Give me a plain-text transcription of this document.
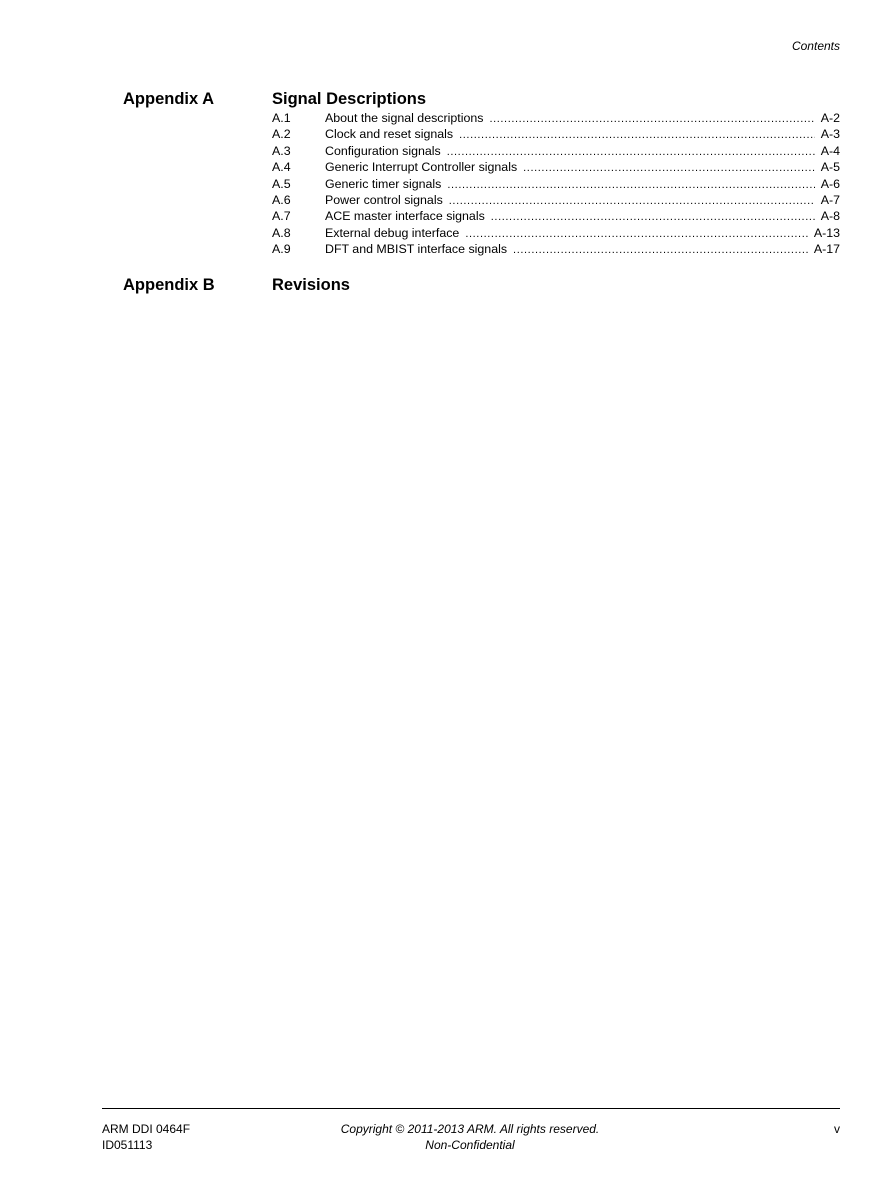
Contents
Appendix A	Signal Descriptions
A.1	About the signal descriptions .....	A-2
A.2	Clock and reset signals .....	A-3
A.3	Configuration signals .....	A-4
A.4	Generic Interrupt Controller signals .....	A-5
A.5	Generic timer signals .....	A-6
A.6	Power control signals .....	A-7
A.7	ACE master interface signals .....	A-8
A.8	External debug interface .....	A-13
A.9	DFT and MBIST interface signals .....	A-17
Appendix B	Revisions
ARM DDI 0464F
ID051113
Copyright © 2011-2013 ARM. All rights reserved.
Non-Confidential
v
